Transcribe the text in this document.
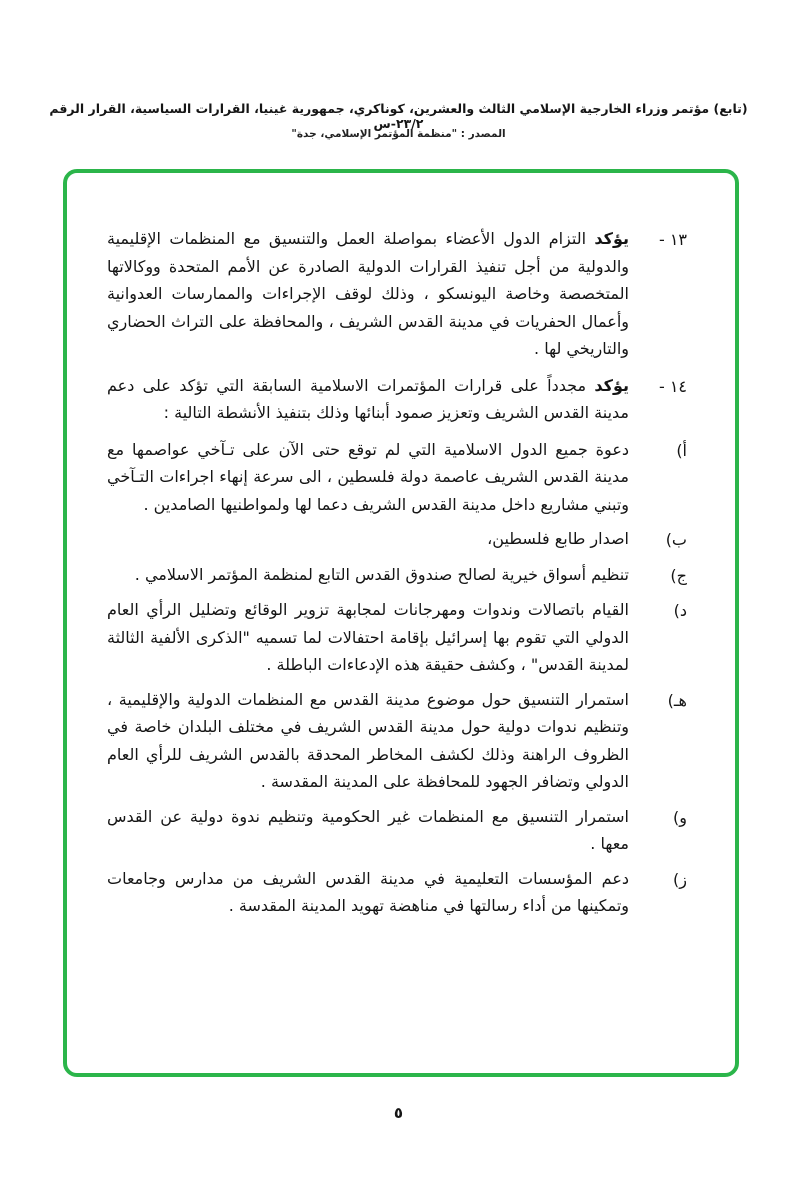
(تابع) مؤتمر وزراء الخارجية الإسلامي الثالث والعشرين، كوناكري، جمهورية غينيا، القرارات السياسية، القرار الرقم ٢٣/٢-س
المصدر : "منظمة المؤتمر الإسلامي، جدة"
١٣ -

يؤكد التزام الدول الأعضاء بمواصلة العمل والتنسيق مع المنظمات الإقليمية والدولية من أجل تنفيذ القرارات الدولية الصادرة عن الأمم المتحدة ووكالاتها المتخصصة وخاصة اليونسكو ، وذلك لوقف الإجراءات والممارسات العدوانية وأعمال الحفريات في مدينة القدس الشريف ، والمحافظة على التراث الحضاري والتاريخي لها .

١٤ -

يؤكد مجدداً على قرارات المؤتمرات الاسلامية السابقة التي تؤكد على دعم مدينة القدس الشريف وتعزيز صمود أبنائها وذلك بتنفيذ الأنشطة التالية :

أ)

دعوة جميع الدول الاسلامية التي لم توقع حتى الآن على تـآخي عواصمها مع مدينة القدس الشريف عاصمة دولة فلسطين ، الى سرعة إنهاء اجراءات التـآخي وتبني مشاريع داخل مدينة القدس الشريف دعما لها ولمواطنيها الصامدين .

ب)

اصدار طابع فلسطين،

ج)

تنظيم أسواق خيرية لصالح صندوق القدس التابع لمنظمة المؤتمر الاسلامي .

د)

القيام باتصالات وندوات ومهرجانات لمجابهة تزوير الوقائع وتضليل الرأي العام الدولي التي تقوم بها إسرائيل بإقامة احتفالات لما تسميه "الذكرى الألفية الثالثة لمدينة القدس" ، وكشف حقيقة هذه الإدعاءات الباطلة .

هـ)

استمرار التنسيق حول موضوع مدينة القدس مع المنظمات الدولية والإقليمية ، وتنظيم ندوات دولية حول مدينة القدس الشريف في مختلف البلدان خاصة في الظروف الراهنة وذلك لكشف المخاطر المحدقة بالقدس الشريف للرأي العام الدولي وتضافر الجهود للمحافظة على المدينة المقدسة .

و)

استمرار التنسيق مع المنظمات غير الحكومية وتنظيم ندوة دولية عن القدس معها .

ز)

دعم المؤسسات التعليمية في مدينة القدس الشريف من مدارس وجامعات وتمكينها من أداء رسالتها في مناهضة تهويد المدينة المقدسة .

٥
